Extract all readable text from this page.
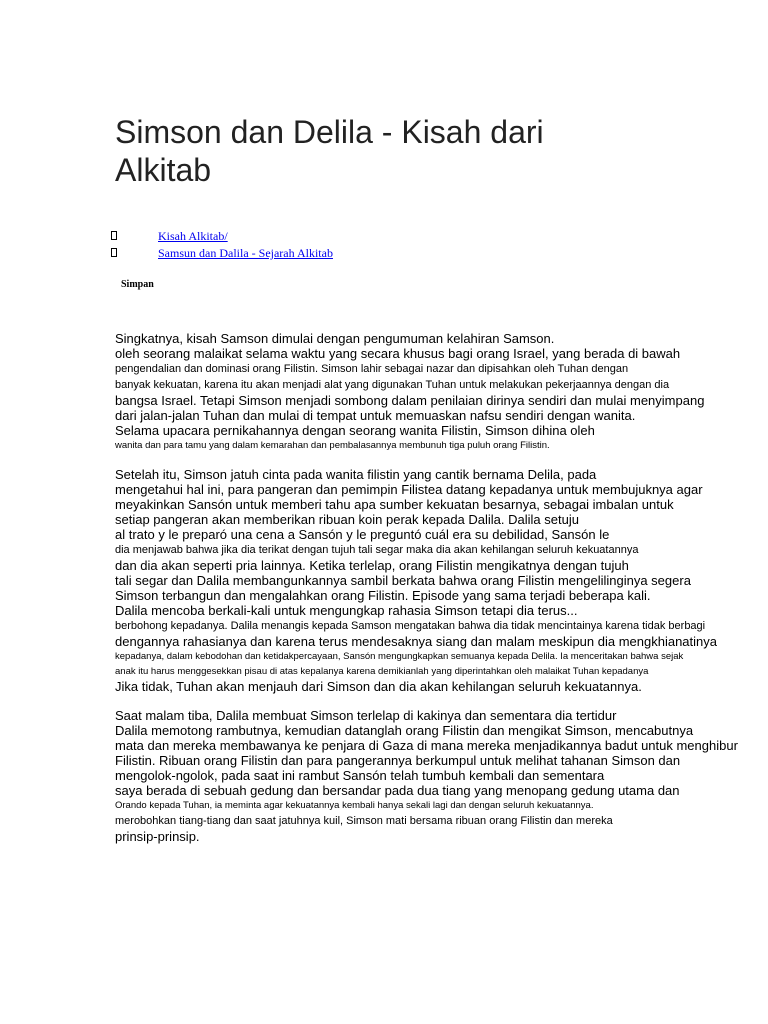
Simson dan Delila - Kisah dari Alkitab
Kisah Alkitab/
Samsun dan Dalila - Sejarah Alkitab
Simpan
Singkatnya, kisah Samson dimulai dengan pengumuman kelahiran Samson.
oleh seorang malaikat selama waktu yang secara khusus bagi orang Israel, yang berada di bawah
pengendalian dan dominasi orang Filistin. Simson lahir sebagai nazar dan dipisahkan oleh Tuhan dengan
banyak kekuatan, karena itu akan menjadi alat yang digunakan Tuhan untuk melakukan pekerjaannya dengan dia
bangsa Israel. Tetapi Simson menjadi sombong dalam penilaian dirinya sendiri dan mulai menyimpang
dari jalan-jalan Tuhan dan mulai di tempat untuk memuaskan nafsu sendiri dengan wanita.
Selama upacara pernikahannya dengan seorang wanita Filistin, Simson dihina oleh
wanita dan para tamu yang dalam kemarahan dan pembalasannya membunuh tiga puluh orang Filistin.
Setelah itu, Simson jatuh cinta pada wanita filistin yang cantik bernama Delila, pada
mengetahui hal ini, para pangeran dan pemimpin Filistea datang kepadanya untuk membujuknya agar
meyakinkan Sansón untuk memberi tahu apa sumber kekuatan besarnya, sebagai imbalan untuk
setiap pangeran akan memberikan ribuan koin perak kepada Dalila. Dalila setuju
al trato y le preparó una cena a Sansón y le preguntó cuál era su debilidad, Sansón le
dia menjawab bahwa jika dia terikat dengan tujuh tali segar maka dia akan kehilangan seluruh kekuatannya
dan dia akan seperti pria lainnya. Ketika terlelap, orang Filistin mengikatnya dengan tujuh
tali segar dan Dalila membangunkannya sambil berkata bahwa orang Filistin mengelilinginya segera
Simson terbangun dan mengalahkan orang Filistin. Episode yang sama terjadi beberapa kali.
Dalila mencoba berkali-kali untuk mengungkap rahasia Simson tetapi dia terus...
berbohong kepadanya. Dalila menangis kepada Samson mengatakan bahwa dia tidak mencintainya karena tidak berbagi
dengannya rahasianya dan karena terus mendesaknya siang dan malam meskipun dia mengkhianatinya
kepadanya, dalam kebodohan dan ketidakpercayaan, Sansón mengungkapkan semuanya kepada Delila. Ia menceritakan bahwa sejak
anak itu harus menggesekkan pisau di atas kepalanya karena demikianlah yang diperintahkan oleh malaikat Tuhan kepadanya
Jika tidak, Tuhan akan menjauh dari Simson dan dia akan kehilangan seluruh kekuatannya.
Saat malam tiba, Dalila membuat Simson terlelap di kakinya dan sementara dia tertidur
Dalila memotong rambutnya, kemudian datanglah orang Filistin dan mengikat Simson, mencabutnya
mata dan mereka membawanya ke penjara di Gaza di mana mereka menjadikannya badut untuk menghibur
Filistin. Ribuan orang Filistin dan para pangerannya berkumpul untuk melihat tahanan Simson dan
mengolok-ngolok, pada saat ini rambut Sansón telah tumbuh kembali dan sementara
saya berada di sebuah gedung dan bersandar pada dua tiang yang menopang gedung utama dan
Orando kepada Tuhan, ia meminta agar kekuatannya kembali hanya sekali lagi dan dengan seluruh kekuatannya.
merobohkan tiang-tiang dan saat jatuhnya kuil, Simson mati bersama ribuan orang Filistin dan mereka
prinsip-prinsip.
